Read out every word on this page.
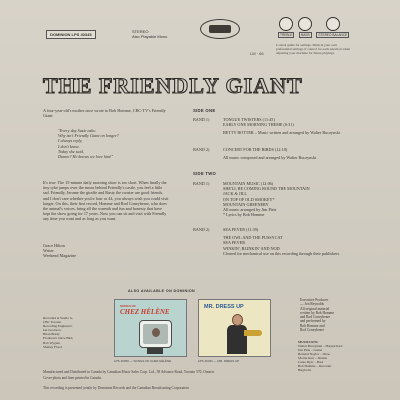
DOMINION LPS 40345
STEREO
Also Playable Mono
LM · 66
TREBLE	BASS	STEREO BALANCE
Control guide for settings. Mark in your own preferential settings of control for each selection when adjusting your machine for future playings.
THE FRIENDLY GIANT
A four-year-old's mother once wrote to Bob Homme, CBC-TV's Friendly Giant:
"Every day Suzie asks:
Why isn't Friendly Giant on longer?
I always reply,
I don't know.
Today she said,
Dunno? He knows we love him!"
It's true. The 15-minute daily morning show is too short. When finally the tiny tyke jumps over the moon behind Friendly's castle, you feel a little sad. Friendly, Jerome the giraffe and Rusty the rooster are good friends, and I don't care whether you're four or 44, you always wish you could visit longer. On this, their first record, Homme and Rod Coneybeare, who does the animal's voices, bring all the warmth and fun and honesty that have kept the show going for 17 years. Now you can sit and visit with Friendly any time you want and as long as you want.
Grace Hilton
Writer
Weekend Magazine
SIDE ONE
BAND 1)	TONGUE TWISTERS (11:45)
EARLY ONE MORNING THEME (0:31)
BETTY BOTTER – Music written and arranged by Walter Buczynski
BAND 2)	CONCERT FOR THE BIRDS (12:18)
All music composed and arranged by Walter Buczynski
SIDE TWO
BAND 1)	MOUNTAIN MUSIC (12:06)
SHE'LL BE COMING ROUND THE MOUNTAIN
JACK & JILL
ON TOP OF OLD SMOKEY*
MOUNTAIN GREENERY
All music arranged by Jim Pirie
* Lyrics by Bob Homme
BAND 2)	SEA FEVER (11:39)
THE OWL AND THE PUSSYCAT
SEA FEVER
WINKIN', BLINKIN' AND NOD
Cleared for mechanical use on this recording through their publishers.
ALSO AVAILABLE ON DOMINION
SONGS OF
CHEZ HÉLÈNE
LPS 40350 — SONGS OF CHEZ HÉLÈNE
MR. DRESS UP
LPS 40341 — MR. DRESS UP
Recorded at Studio G,
CBC Toronto
Recording Engineers:
Ian Jacobson
Brian Brady
Producers: Dave Bird,
Bob Wygant
Shelley Flood
Executive Producer
— Jon Reynolds
All original material
written by Bob Homme
and Rod Coneybeare
and performed by
Bob Homme and
Rod Coneybeare
MUSICIANS:
Walter Buczynski – Harpsichord
Jim Pirie – Guitar
Bernard Naylor – Oboe
Morris Kerr – Drums
Carse Dyer – Bass
Bob Homme – Recorder
Hugh Orr
Manufactured and Distributed in Canada by Canadian Music Sales Corp. Ltd., 58 Advance Road, Toronto 570, Ontario
Cover photo and liner printed in Canada.
This recording is presented jointly by Dominion Records and the Canadian Broadcasting Corporation
